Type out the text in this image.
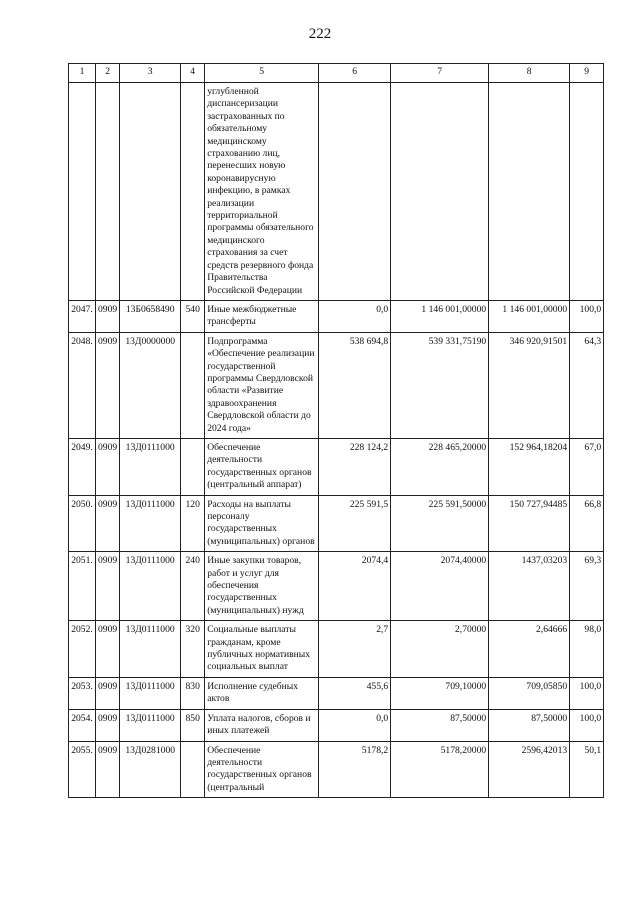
222
1	2	3	4	5	6	7	8	9
				углубленной диспансеризации застрахованных по обязательному медицинскому страхованию лиц, перенесших новую коронавирусную инфекцию, в рамках реализации территориальной программы обязательного медицинского страхования за счет средств резервного фонда Правительства Российской Федерации				
2047.	0909	13Б0658490	540	Иные межбюджетные трансферты	0,0	1 146 001,00000	1 146 001,00000	100,0
2048.	0909	13Д0000000		Подпрограмма «Обеспечение реализации государственной программы Свердловской области «Развитие здравоохранения Свердловской области до 2024 года»	538 694,8	539 331,75190	346 920,91501	64,3
2049.	0909	13Д0111000		Обеспечение деятельности государственных органов (центральный аппарат)	228 124,2	228 465,20000	152 964,18204	67,0
2050.	0909	13Д0111000	120	Расходы на выплаты персоналу государственных (муниципальных) органов	225 591,5	225 591,50000	150 727,94485	66,8
2051.	0909	13Д0111000	240	Иные закупки товаров, работ и услуг для обеспечения государственных (муниципальных) нужд	2074,4	2074,40000	1437,03203	69,3
2052.	0909	13Д0111000	320	Социальные выплаты гражданам, кроме публичных нормативных социальных выплат	2,7	2,70000	2,64666	98,0
2053.	0909	13Д0111000	830	Исполнение судебных актов	455,6	709,10000	709,05850	100,0
2054.	0909	13Д0111000	850	Уплата налогов, сборов и иных платежей	0,0	87,50000	87,50000	100,0
2055.	0909	13Д0281000		Обеспечение деятельности государственных органов (центральный	5178,2	5178,20000	2596,42013	50,1
